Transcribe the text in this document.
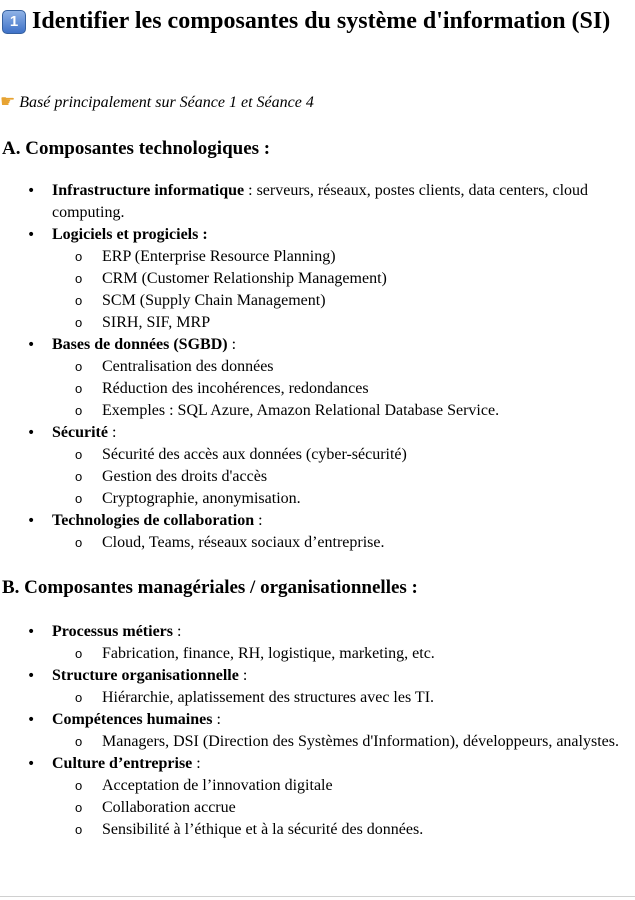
1 Identifier les composantes du système d'information (SI)

☛ Basé principalement sur Séance 1 et Séance 4

A. Composantes technologiques :
• Infrastructure informatique : serveurs, réseaux, postes clients, data centers, cloud computing.
• Logiciels et progiciels :
o ERP (Enterprise Resource Planning)
o CRM (Customer Relationship Management)
o SCM (Supply Chain Management)
o SIRH, SIF, MRP
• Bases de données (SGBD) :
o Centralisation des données
o Réduction des incohérences, redondances
o Exemples : SQL Azure, Amazon Relational Database Service.
• Sécurité :
o Sécurité des accès aux données (cyber-sécurité)
o Gestion des droits d'accès
o Cryptographie, anonymisation.
• Technologies de collaboration :
o Cloud, Teams, réseaux sociaux d’entreprise.
B. Composantes managériales / organisationnelles :
• Processus métiers :
o Fabrication, finance, RH, logistique, marketing, etc.
• Structure organisationnelle :
o Hiérarchie, aplatissement des structures avec les TI.
• Compétences humaines :
o Managers, DSI (Direction des Systèmes d'Information), développeurs, analystes.
• Culture d’entreprise :
o Acceptation de l’innovation digitale
o Collaboration accrue
o Sensibilité à l’éthique et à la sécurité des données.
